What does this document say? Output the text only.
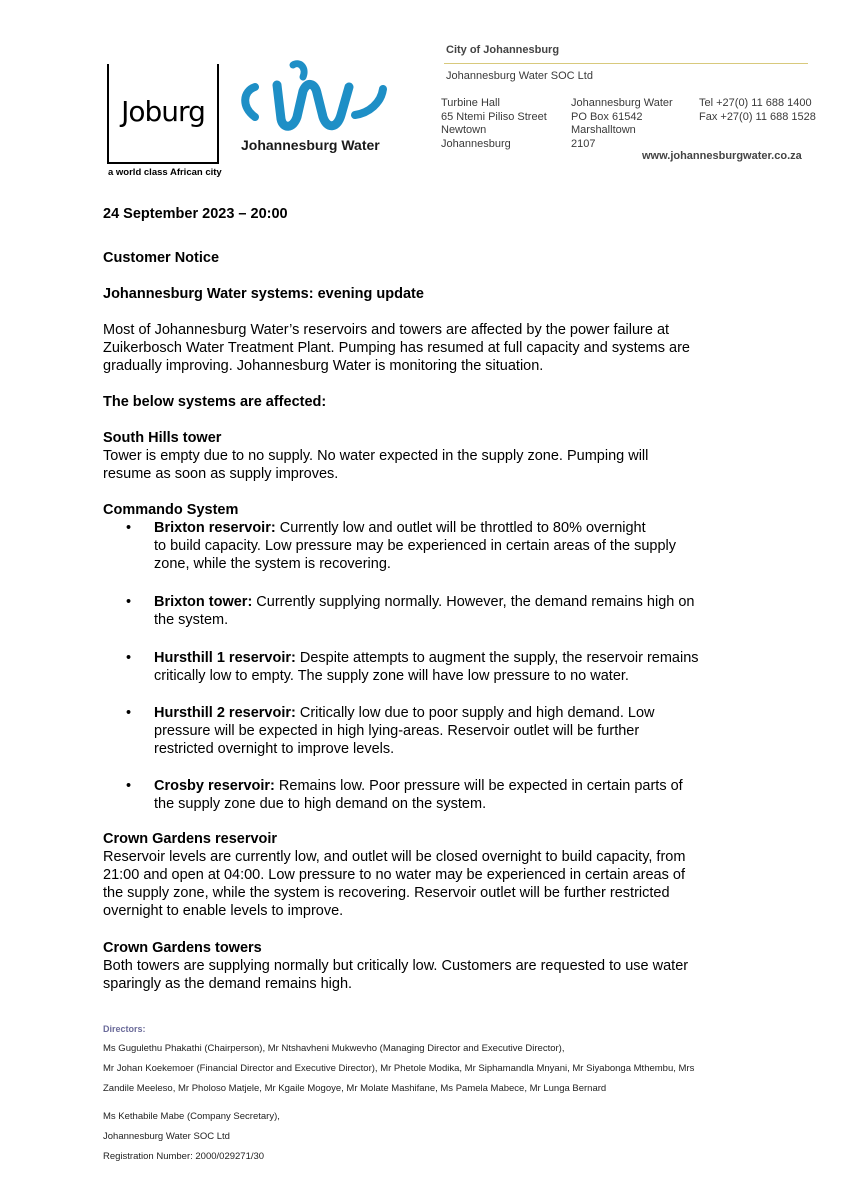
Joburg
a world class African city
Johannesburg Water
City of Johannesburg
Johannesburg Water SOC Ltd
Turbine Hall
65 Ntemi Piliso Street
Newtown
Johannesburg
Johannesburg Water
PO Box 61542
Marshalltown
2107
Tel +27(0) 11 688 1400
Fax +27(0) 11 688 1528
www.johannesburgwater.co.za
24 September 2023 – 20:00
Customer Notice
Johannesburg Water systems: evening update
Most of Johannesburg Water’s reservoirs and towers are affected by the power failure at
Zuikerbosch Water Treatment Plant. Pumping has resumed at full capacity and systems are
gradually improving. Johannesburg Water is monitoring the situation.
The below systems are affected:
South Hills tower
Tower is empty due to no supply. No water expected in the supply zone. Pumping will
resume as soon as supply improves.
Commando System
• Brixton reservoir: Currently low and outlet will be throttled to 80% overnight
to build capacity. Low pressure may be experienced in certain areas of the supply
zone, while the system is recovering.
• Brixton tower: Currently supplying normally. However, the demand remains high on
the system.
• Hursthill 1 reservoir: Despite attempts to augment the supply, the reservoir remains
critically low to empty. The supply zone will have low pressure to no water.
• Hursthill 2 reservoir: Critically low due to poor supply and high demand. Low
pressure will be expected in high lying-areas. Reservoir outlet will be further
restricted overnight to improve levels.
• Crosby reservoir: Remains low. Poor pressure will be expected in certain parts of
the supply zone due to high demand on the system.
Crown Gardens reservoir
Reservoir levels are currently low, and outlet will be closed overnight to build capacity, from
21:00 and open at 04:00. Low pressure to no water may be experienced in certain areas of
the supply zone, while the system is recovering. Reservoir outlet will be further restricted
overnight to enable levels to improve.
Crown Gardens towers
Both towers are supplying normally but critically low. Customers are requested to use water
sparingly as the demand remains high.
Directors:
Ms Gugulethu Phakathi (Chairperson), Mr Ntshavheni Mukwevho (Managing Director and Executive Director),
Mr Johan Koekemoer (Financial Director and Executive Director), Mr Phetole Modika, Mr Siphamandla Mnyani, Mr Siyabonga Mthembu, Mrs
Zandile Meeleso, Mr Pholoso Matjele, Mr Kgaile Mogoye, Mr Molate Mashifane, Ms Pamela Mabece, Mr Lunga Bernard
Ms Kethabile Mabe (Company Secretary),
Johannesburg Water SOC Ltd
Registration Number: 2000/029271/30
